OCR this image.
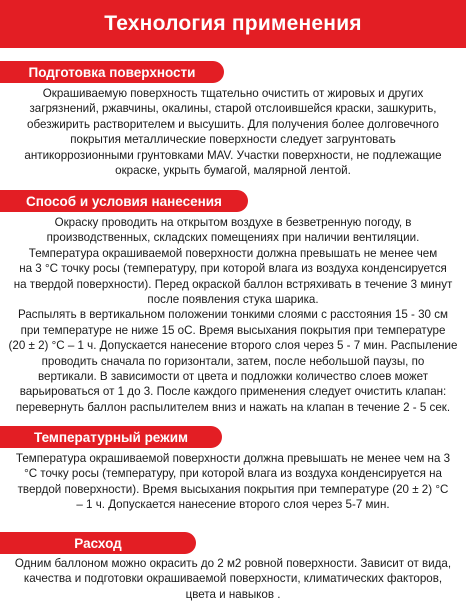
Технология применения
Подготовка поверхности

Окрашиваемую поверхность тщательно очистить от жировых и других
загрязнений, ржавчины, окалины, старой отслоившейся краски, зашкурить,
обезжирить растворителем и высушить. Для получения более долговечного
покрытия металлические поверхности следует загрунтовать
антикоррозионными грунтовками MAV. Участки поверхности, не подлежащие
окраске, укрыть бумагой, малярной лентой.

Способ и условия нанесения

Окраску проводить на открытом воздухе в безветренную погоду, в
производственных, складских помещениях при наличии вентиляции.
Температура окрашиваемой поверхности должна превышать не менее чем
на 3 °С точку росы (температуру, при которой влага из воздуха конденсируется
на твердой поверхности). Перед окраской баллон встряхивать в течение 3 минут
после появления стука шарика.
Распылять в вертикальном положении тонкими слоями с расстояния 15 - 30 см
при температуре не ниже 15 оС. Время высыхания покрытия при температуре
(20 ± 2) °С – 1 ч. Допускается нанесение второго слоя через 5 - 7 мин. Распыление
проводить сначала по горизонтали, затем, после небольшой паузы, по
вертикали. В зависимости от цвета и подложки количество слоев может
варьироваться от 1 до 3. После каждого применения следует очистить клапан:
перевернуть баллон распылителем вниз и нажать на клапан в течение 2 - 5 сек.

Температурный режим

Температура окрашиваемой поверхности должна превышать не менее чем на 3
°С точку росы (температуру, при которой влага из воздуха конденсируется на
твердой поверхности). Время высыхания покрытия при температуре (20 ± 2) °С
– 1 ч. Допускается нанесение второго слоя через 5-7 мин.

Расход

Одним баллоном можно окрасить до 2 м2 ровной поверхности. Зависит от вида,
качества и подготовки окрашиваемой поверхности, климатических факторов,
цвета и навыков .
